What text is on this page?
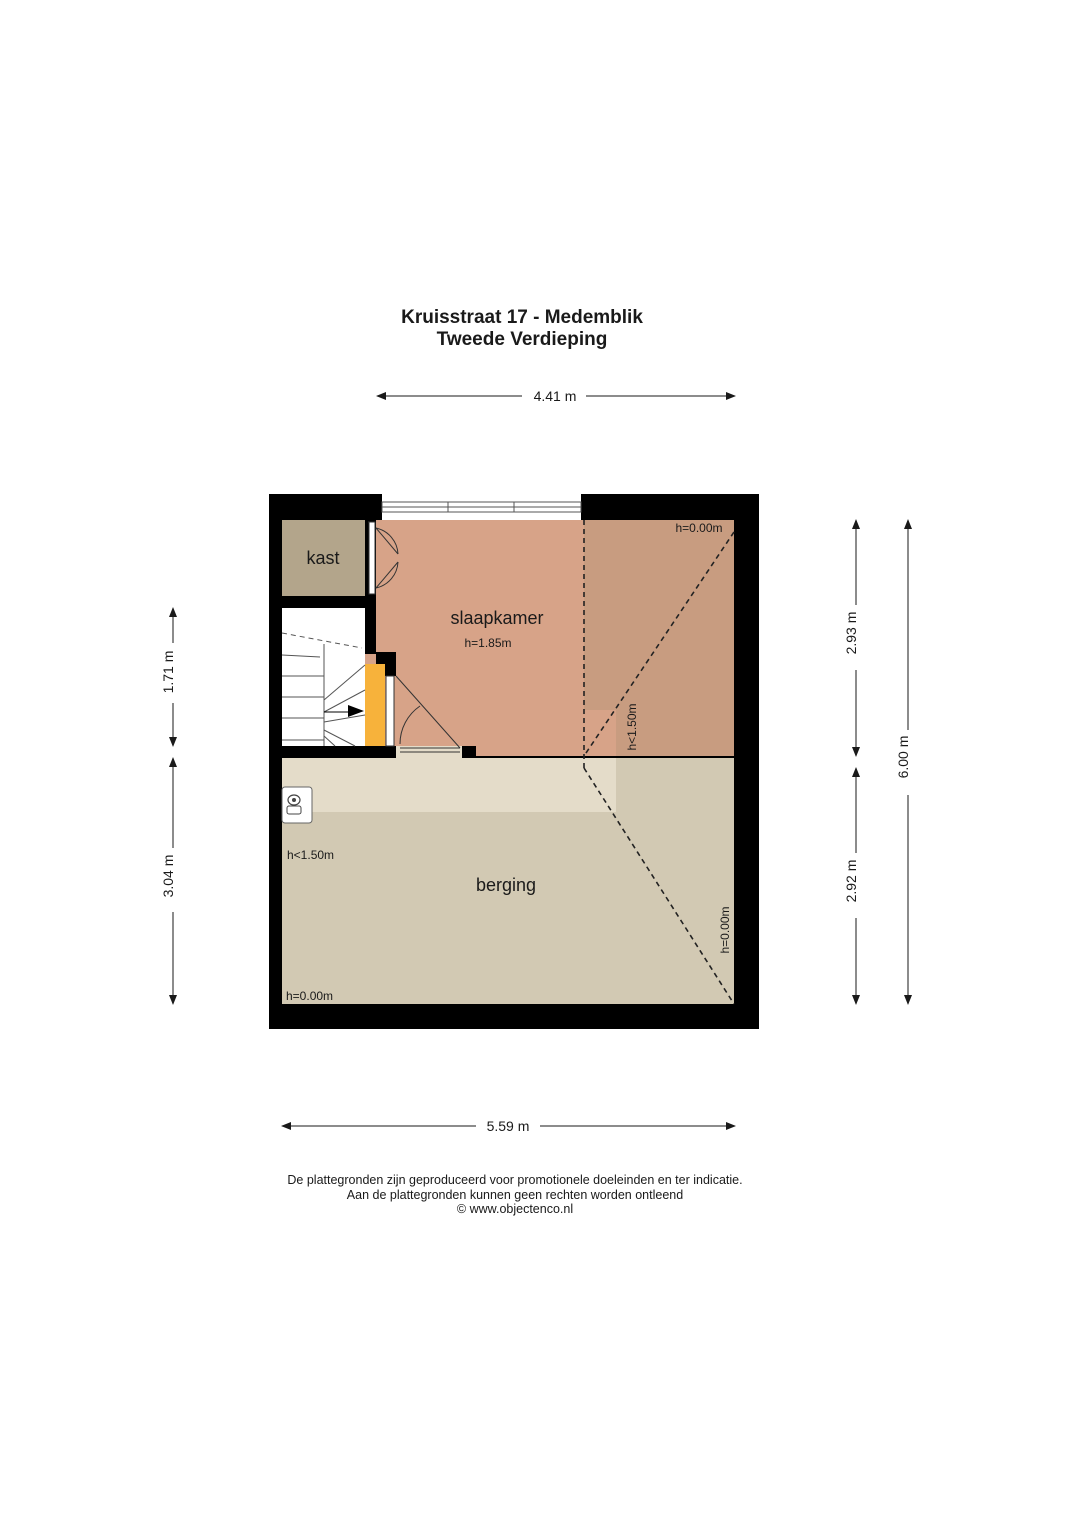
Kruisstraat 17 - Medemblik
Tweede Verdieping
kast
slaapkamer
h=1.85m
h=0.00m
h<1.50m
berging
h<1.50m
h=0.00m
h=0.00m
4.41 m
5.59 m
1.71 m
3.04 m
2.93 m
2.92 m
6.00 m
De plattegronden zijn geproduceerd voor promotionele doeleinden en ter indicatie.
Aan de plattegronden kunnen geen rechten worden ontleend
© www.objectenco.nl
